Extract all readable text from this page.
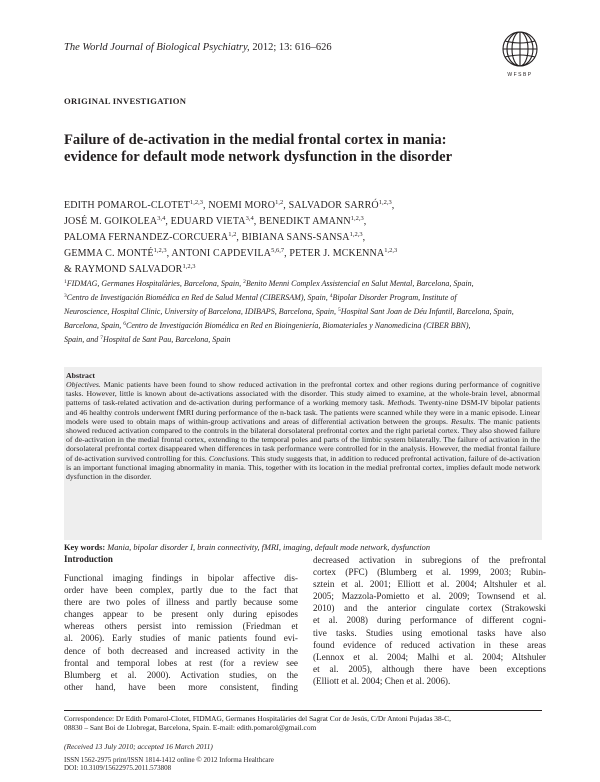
The World Journal of Biological Psychiatry, 2012; 13: 616–626
WFSBP
ORIGINAL INVESTIGATION
Failure of de-activation in the medial frontal cortex in mania:
evidence for default mode network dysfunction in the disorder
EDITH POMAROL-CLOTET$^{1,2,3}$, NOEMI MORO$^{1,2}$, SALVADOR SARRÓ$^{1,2,3}$,
JOSÉ M. GOIKOLEA$^{3,4}$, EDUARD VIETA$^{3,4}$, BENEDIKT AMANN$^{1,2,3}$,
PALOMA FERNANDEZ-CORCUERA$^{1,2}$, BIBIANA SANS-SANSA$^{1,2,3}$,
GEMMA C. MONTÉ$^{1,2,3}$, ANTONI CAPDEVILA$^{5,6,7}$, PETER J. MCKENNA$^{1,2,3}$
& RAYMOND SALVADOR$^{1,2,3}$
$^1$FIDMAG, Germanes Hospitalàries, Barcelona, Spain, $^2$Benito Menni Complex Assistencial en Salut Mental, Barcelona, Spain,
$^3$Centro de Investigación Biomédica en Red de Salud Mental (CIBERSAM), Spain, $^4$Bipolar Disorder Program, Institute of
Neuroscience, Hospital Clinic, University of Barcelona, IDIBAPS, Barcelona, Spain, $^5$Hospital Sant Joan de Déu Infantil, Barcelona, Spain,
Barcelona, Spain, $^6$Centro de Investigación Biomédica en Red en Bioingeniería, Biomateriales y Nanomedicina (CIBER BBN),
Spain, and $^7$Hospital de Sant Pau, Barcelona, Spain
Abstract
Objectives. Manic patients have been found to show reduced activation in the prefrontal cortex and other regions during performance of cognitive tasks. However, little is known about de-activations associated with the disorder. This study aimed to examine, at the whole-brain level, abnormal patterns of task-related activation and de-activation during performance of a working memory task. Methods. Twenty-nine DSM-IV bipolar patients and 46 healthy controls underwent fMRI during performance of the n-back task. The patients were scanned while they were in a manic episode. Linear models were used to obtain maps of within-group activations and areas of differential activation between the groups. Results. The manic patients showed reduced activation compared to the controls in the bilateral dorsolateral prefrontal cortex and the right parietal cortex. They also showed failure of de-activation in the medial frontal cortex, extending to the temporal poles and parts of the limbic system bilaterally. The failure of activation in the dorsolateral prefrontal cortex disappeared when differences in task performance were controlled for in the analysis. However, the medial frontal failure of de-activation survived controlling for this. Conclusions. This study suggests that, in addition to reduced prefrontal activation, failure of de-activation is an important functional imaging abnormality in mania. This, together with its location in the medial prefrontal cortex, implies default mode network dysfunction in the disorder.
Key words: Mania, bipolar disorder I, brain connectivity, fMRI, imaging, default mode network, dysfunction
Introduction
Functional imaging findings in bipolar affective dis-
order have been complex, partly due to the fact that
there are two poles of illness and partly because some
changes appear to be present only during episodes
whereas others persist into remission (Friedman et
al. 2006). Early studies of manic patients found evi-
dence of both decreased and increased activity in the
frontal and temporal lobes at rest (for a review see
Blumberg et al. 2000). Activation studies, on the
other hand, have been more consistent, finding
decreased activation in subregions of the prefrontal
cortex (PFC) (Blumberg et al. 1999, 2003; Rubin-
sztein et al. 2001; Elliott et al. 2004; Altshuler et al.
2005; Mazzola-Pomietto et al. 2009; Townsend et al.
2010) and the anterior cingulate cortex (Strakowski
et al. 2008) during performance of different cogni-
tive tasks. Studies using emotional tasks have also
found evidence of reduced activation in these areas
(Lennox et al. 2004; Malhi et al. 2004; Altshuler
et al. 2005), although there have been exceptions
(Elliott et al. 2004; Chen et al. 2006).
Correspondence: Dr Edith Pomarol-Clotet, FIDMAG, Germanes Hospitalàries del Sagrat Cor de Jesús, C/Dr Antoni Pujadas 38-C,
08830 – Sant Boi de Llobregat, Barcelona, Spain. E-mail: edith.pomarol@gmail.com
(Received 13 July 2010; accepted 16 March 2011)
ISSN 1562-2975 print/ISSN 1814-1412 online © 2012 Informa Healthcare
DOI: 10.3109/15622975.2011.573808
